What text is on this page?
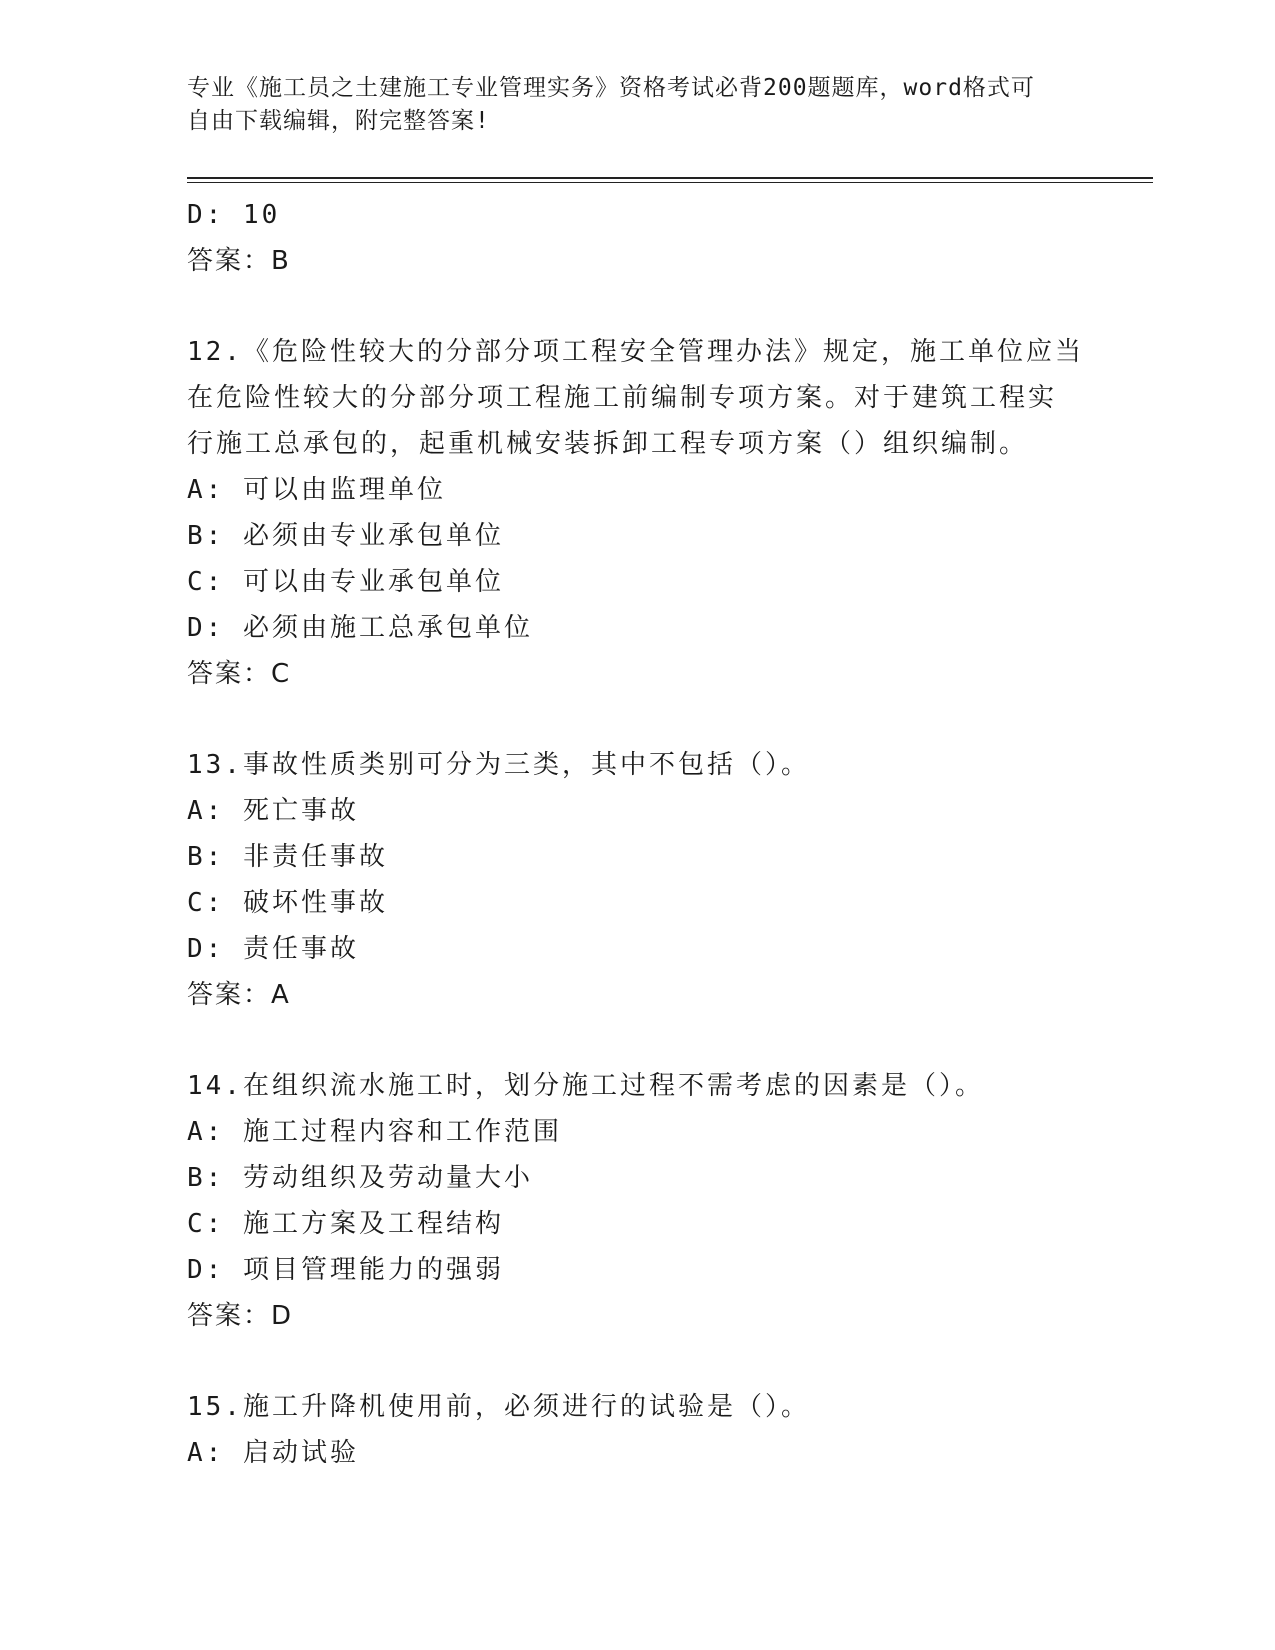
专业《施工员之土建施工专业管理实务》资格考试必背200题题库，word格式可
自由下载编辑，附完整答案!
D: 10
答案：B
12.《危险性较大的分部分项工程安全管理办法》规定，施工单位应当
在危险性较大的分部分项工程施工前编制专项方案。对于建筑工程实
行施工总承包的，起重机械安装拆卸工程专项方案（）组织编制。
A: 可以由监理单位
B: 必须由专业承包单位
C: 可以由专业承包单位
D: 必须由施工总承包单位
答案：C
13.事故性质类别可分为三类，其中不包括（）。
A: 死亡事故
B: 非责任事故
C: 破坏性事故
D: 责任事故
答案：A
14.在组织流水施工时，划分施工过程不需考虑的因素是（）。
A: 施工过程内容和工作范围
B: 劳动组织及劳动量大小
C: 施工方案及工程结构
D: 项目管理能力的强弱
答案：D
15.施工升降机使用前，必须进行的试验是（）。
A: 启动试验
